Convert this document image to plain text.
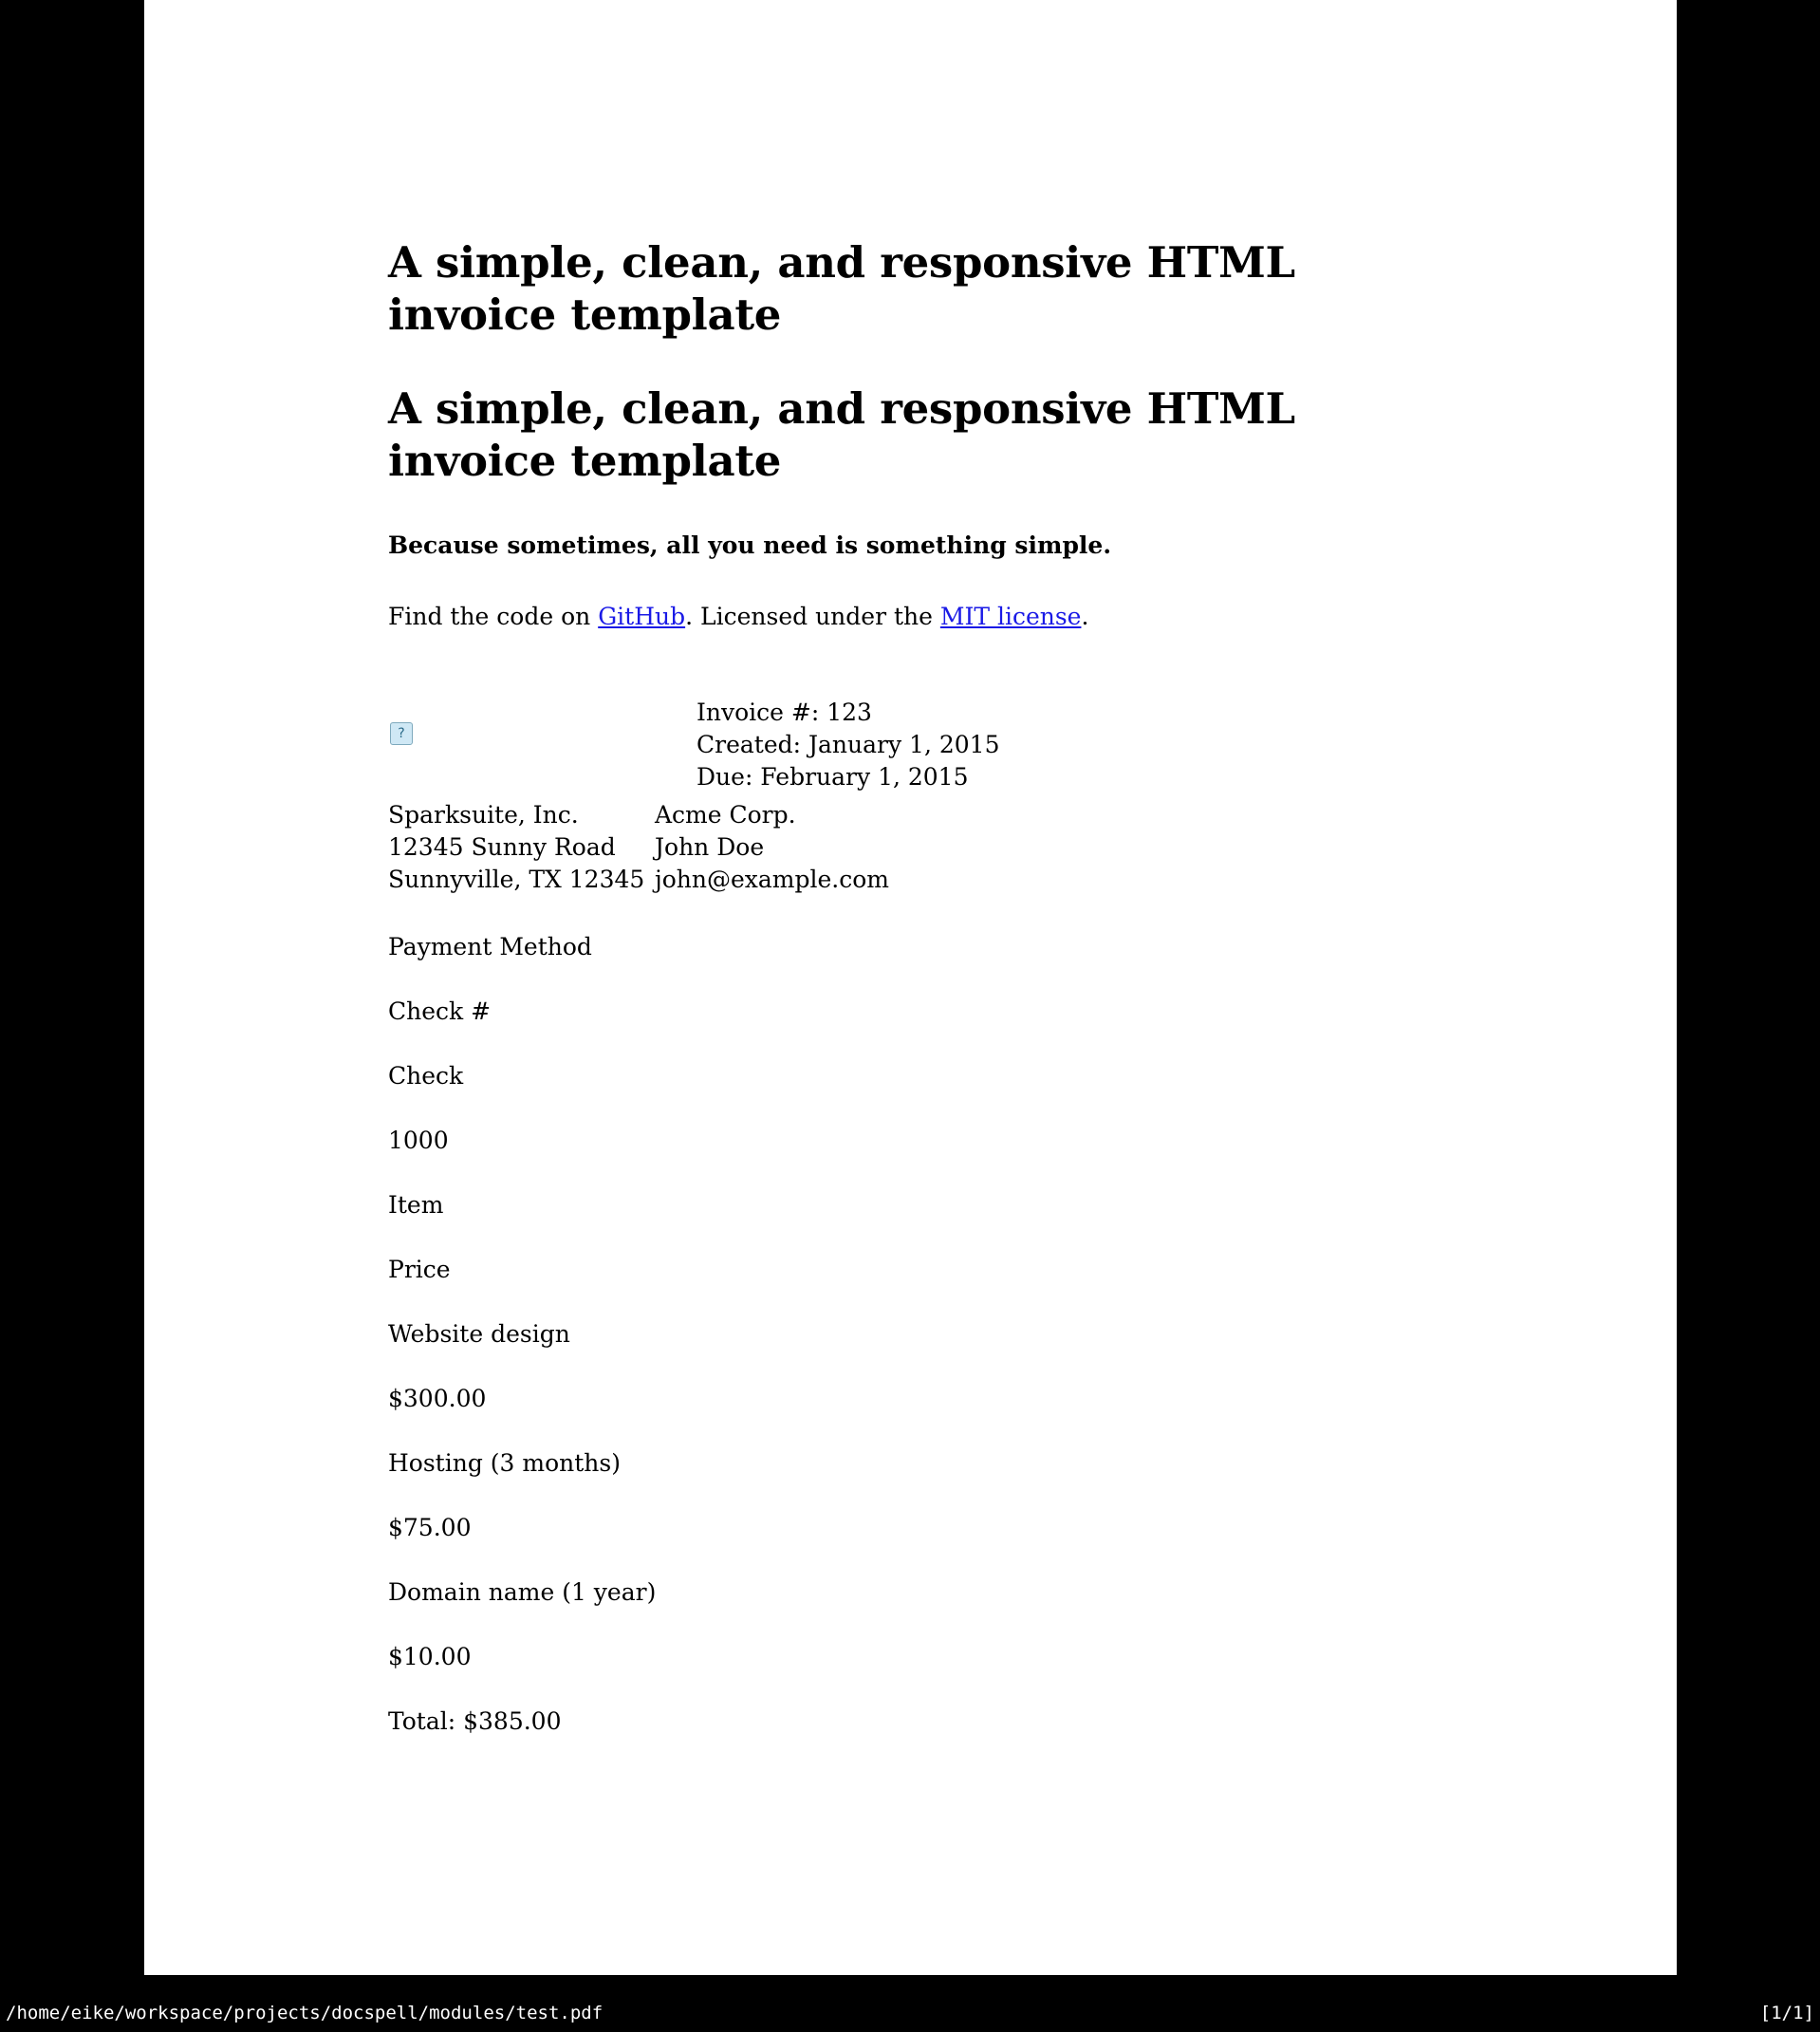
A simple, clean, and responsive HTML invoice template
A simple, clean, and responsive HTML invoice template

Because sometimes, all you need is something simple.

Find the code on GitHub. Licensed under the MIT license.

?
Invoice #: 123
Created: January 1, 2015
Due: February 1, 2015
Sparksuite, Inc.
12345 Sunny Road
Sunnyville, TX 12345
Acme Corp.
John Doe
john@example.com
Payment Method
Check #
Check
1000
Item
Price
Website design
$300.00
Hosting (3 months)
$75.00
Domain name (1 year)
$10.00
Total: $385.00
/home/eike/workspace/projects/docspell/modules/test.pdf	[1/1]
